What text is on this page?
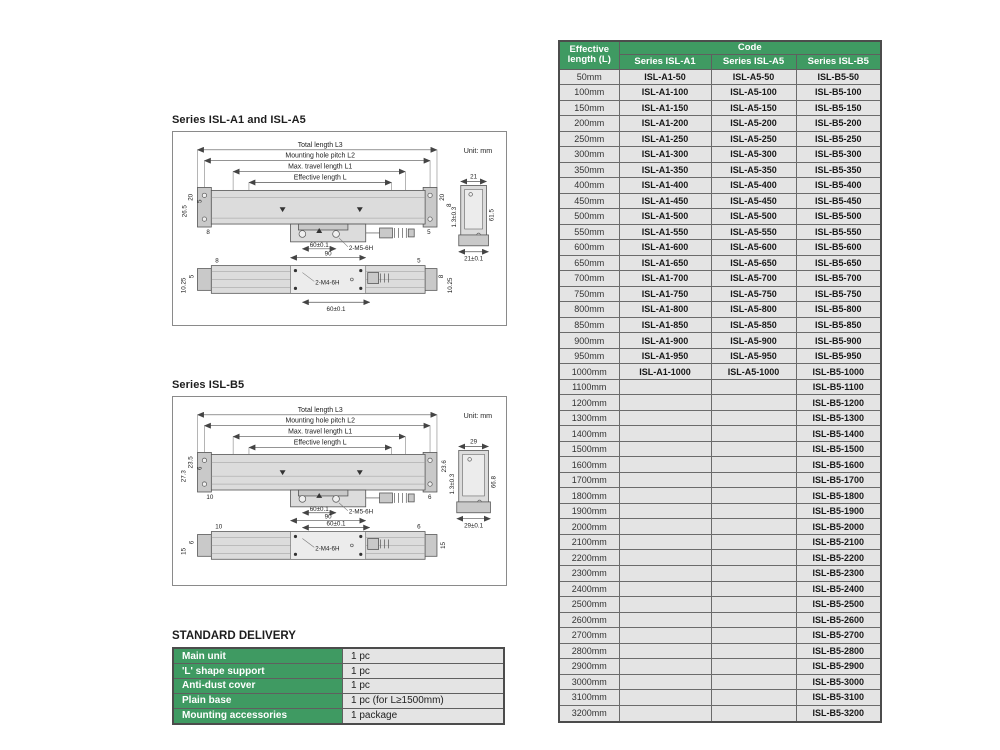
Series ISL-A1 and ISL-A5
Unit: mm
Total length L3
Mounting hole pitch L2
Max. travel length L1
Effective length L
20
5
26.5
8
20
8
5
60±0.1	2-M5-6H
90
2-M4-6H
60±0.1
8
5
10.25
5
8
10.25
21
1.3±0.3	61.5
21±0.1
Series ISL-B5
Unit: mm
Total length L3
Mounting hole pitch L2
Max. travel length L1
Effective length L
23.5 6
27.3
10
23.6
6
60±0.1	2-M5-6H
90
60±0.1
2-M4-6H
10
6
15
6
15
29
1.3±0.3	66.8
29±0.1
STANDARD DELIVERY
Main unit	1 pc
'L' shape support	1 pc
Anti-dust cover	1 pc
Plain base	1 pc (for L≥1500mm)
Mounting accessories	1 package
Effective length (L)	Code		
	Series ISL-A1	Series ISL-A5	Series ISL-B5
50mm	ISL-A1-50	ISL-A5-50	ISL-B5-50
100mm	ISL-A1-100	ISL-A5-100	ISL-B5-100
150mm	ISL-A1-150	ISL-A5-150	ISL-B5-150
200mm	ISL-A1-200	ISL-A5-200	ISL-B5-200
250mm	ISL-A1-250	ISL-A5-250	ISL-B5-250
300mm	ISL-A1-300	ISL-A5-300	ISL-B5-300
350mm	ISL-A1-350	ISL-A5-350	ISL-B5-350
400mm	ISL-A1-400	ISL-A5-400	ISL-B5-400
450mm	ISL-A1-450	ISL-A5-450	ISL-B5-450
500mm	ISL-A1-500	ISL-A5-500	ISL-B5-500
550mm	ISL-A1-550	ISL-A5-550	ISL-B5-550
600mm	ISL-A1-600	ISL-A5-600	ISL-B5-600
650mm	ISL-A1-650	ISL-A5-650	ISL-B5-650
700mm	ISL-A1-700	ISL-A5-700	ISL-B5-700
750mm	ISL-A1-750	ISL-A5-750	ISL-B5-750
800mm	ISL-A1-800	ISL-A5-800	ISL-B5-800
850mm	ISL-A1-850	ISL-A5-850	ISL-B5-850
900mm	ISL-A1-900	ISL-A5-900	ISL-B5-900
950mm	ISL-A1-950	ISL-A5-950	ISL-B5-950
1000mm	ISL-A1-1000	ISL-A5-1000	ISL-B5-1000
1100mm			ISL-B5-1100
1200mm			ISL-B5-1200
1300mm			ISL-B5-1300
1400mm			ISL-B5-1400
1500mm			ISL-B5-1500
1600mm			ISL-B5-1600
1700mm			ISL-B5-1700
1800mm			ISL-B5-1800
1900mm			ISL-B5-1900
2000mm			ISL-B5-2000
2100mm			ISL-B5-2100
2200mm			ISL-B5-2200
2300mm			ISL-B5-2300
2400mm			ISL-B5-2400
2500mm			ISL-B5-2500
2600mm			ISL-B5-2600
2700mm			ISL-B5-2700
2800mm			ISL-B5-2800
2900mm			ISL-B5-2900
3000mm			ISL-B5-3000
3100mm			ISL-B5-3100
3200mm			ISL-B5-3200
